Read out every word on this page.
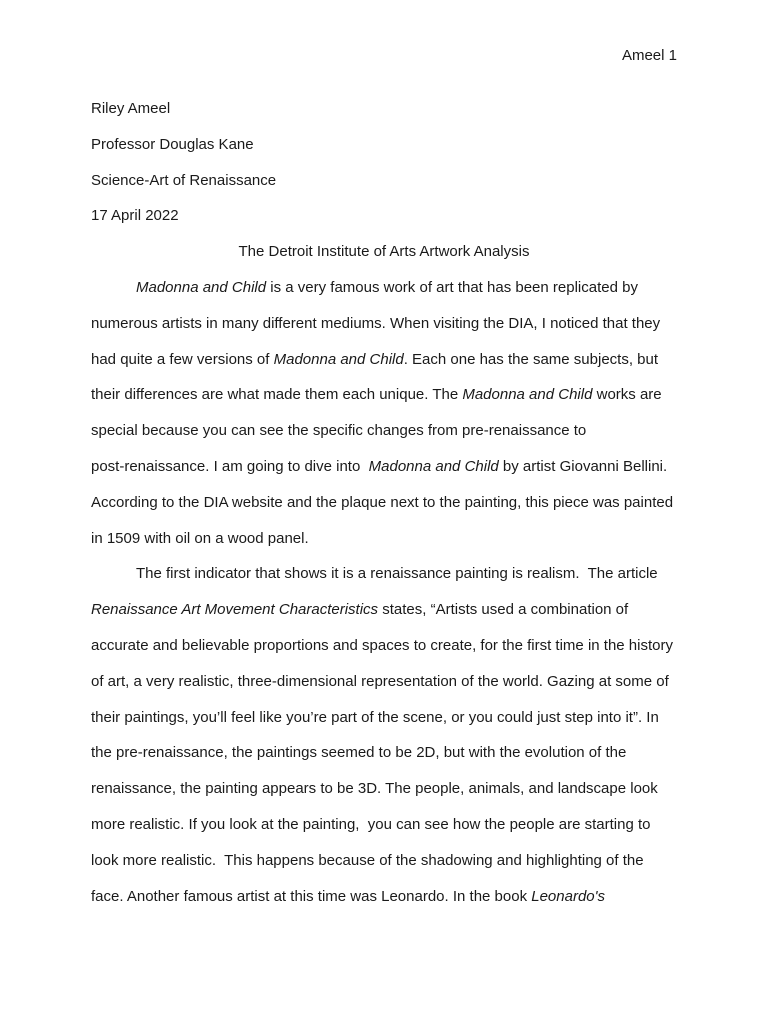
Ameel 1
Riley Ameel
Professor Douglas Kane
Science-Art of Renaissance
17 April 2022
The Detroit Institute of Arts Artwork Analysis
Madonna and Child is a very famous work of art that has been replicated by
numerous artists in many different mediums. When visiting the DIA, I noticed that they
had quite a few versions of Madonna and Child. Each one has the same subjects, but
their differences are what made them each unique. The Madonna and Child works are
special because you can see the specific changes from pre-renaissance to
post-renaissance. I am going to dive into  Madonna and Child by artist Giovanni Bellini.
According to the DIA website and the plaque next to the painting, this piece was painted
in 1509 with oil on a wood panel.
The first indicator that shows it is a renaissance painting is realism.  The article
Renaissance Art Movement Characteristics states, “Artists used a combination of
accurate and believable proportions and spaces to create, for the first time in the history
of art, a very realistic, three-dimensional representation of the world. Gazing at some of
their paintings, you’ll feel like you’re part of the scene, or you could just step into it”. In
the pre-renaissance, the paintings seemed to be 2D, but with the evolution of the
renaissance, the painting appears to be 3D. The people, animals, and landscape look
more realistic. If you look at the painting,  you can see how the people are starting to
look more realistic.  This happens because of the shadowing and highlighting of the
face. Another famous artist at this time was Leonardo. In the book Leonardo's
